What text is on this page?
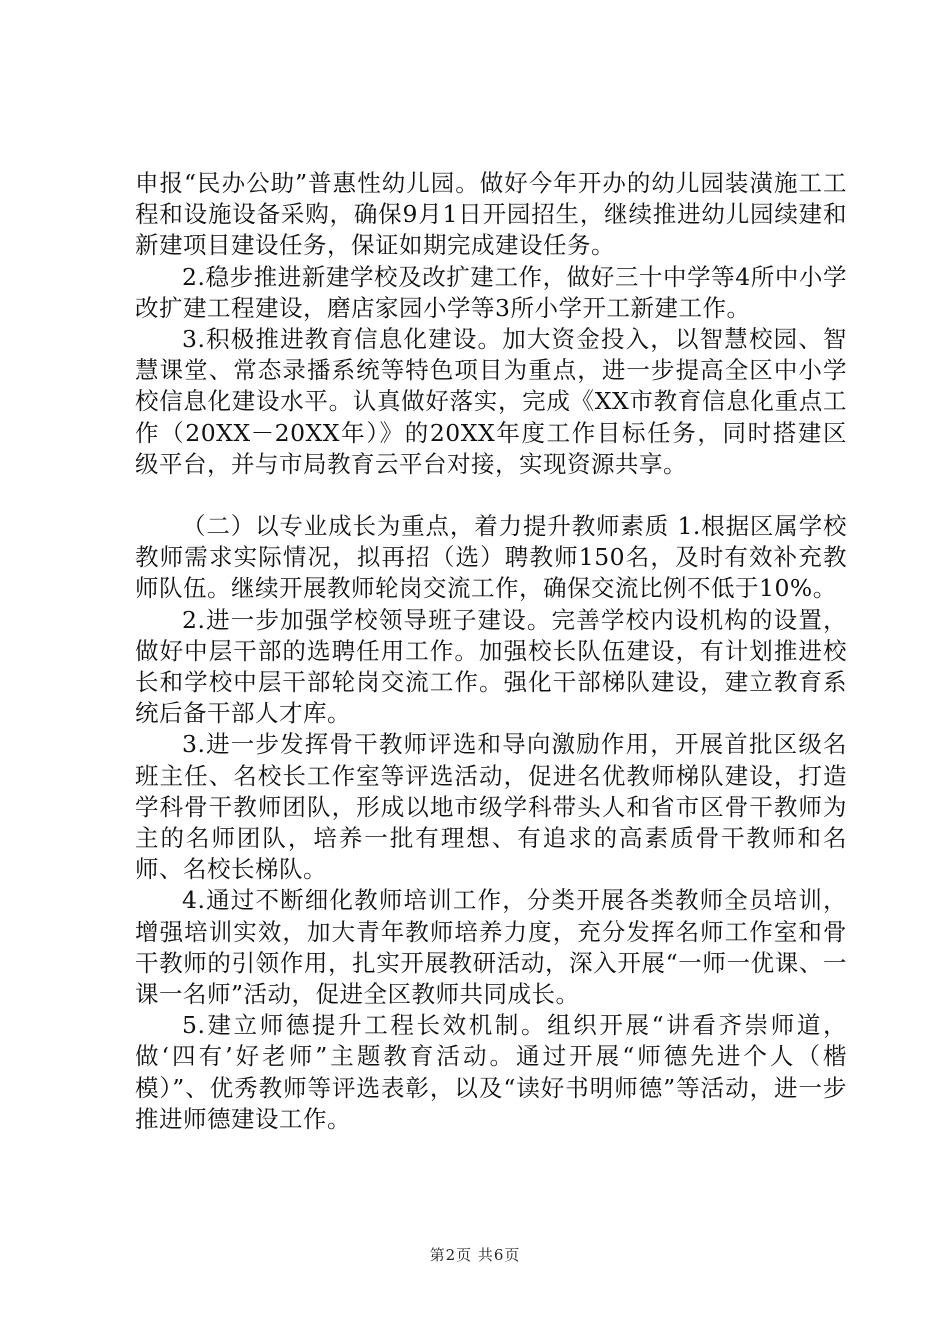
申报“民办公助”普惠性幼儿园。做好今年开办的幼儿园装潢施工工程和设施设备采购，确保9月1日开园招生，继续推进幼儿园续建和新建项目建设任务，保证如期完成建设任务。

2.稳步推进新建学校及改扩建工作，做好三十中学等4所中小学改扩建工程建设，磨店家园小学等3所小学开工新建工作。

3.积极推进教育信息化建设。加大资金投入，以智慧校园、智慧课堂、常态录播系统等特色项目为重点，进一步提高全区中小学校信息化建设水平。认真做好落实，完成《XX市教育信息化重点工作（20XX－20XX年）》的20XX年度工作目标任务，同时搭建区级平台，并与市局教育云平台对接，实现资源共享。

（二）以专业成长为重点，着力提升教师素质 1.根据区属学校教师需求实际情况，拟再招（选）聘教师150名，及时有效补充教师队伍。继续开展教师轮岗交流工作，确保交流比例不低于10%。

2.进一步加强学校领导班子建设。完善学校内设机构的设置，做好中层干部的选聘任用工作。加强校长队伍建设，有计划推进校长和学校中层干部轮岗交流工作。强化干部梯队建设，建立教育系统后备干部人才库。

3.进一步发挥骨干教师评选和导向激励作用，开展首批区级名班主任、名校长工作室等评选活动，促进名优教师梯队建设，打造学科骨干教师团队，形成以地市级学科带头人和省市区骨干教师为主的名师团队，培养一批有理想、有追求的高素质骨干教师和名师、名校长梯队。

4.通过不断细化教师培训工作，分类开展各类教师全员培训，增强培训实效，加大青年教师培养力度，充分发挥名师工作室和骨干教师的引领作用，扎实开展教研活动，深入开展“一师一优课、一课一名师”活动，促进全区教师共同成长。

5.建立师德提升工程长效机制。组织开展“讲看齐崇师道，做‘四有’好老师”主题教育活动。通过开展“师德先进个人（楷模）”、优秀教师等评选表彰，以及“读好书明师德”等活动，进一步推进师德建设工作。

第2页 共6页
